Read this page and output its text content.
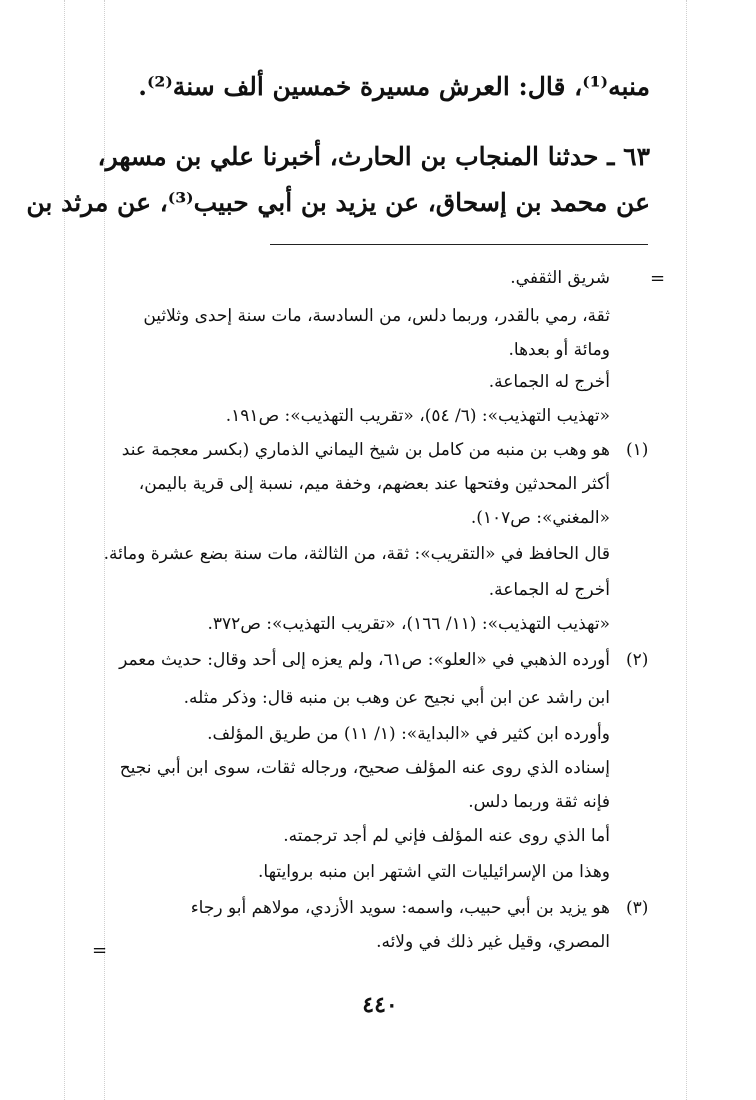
منبه⁽¹⁾، قال: العرش مسيرة خمسين ألف سنة⁽²⁾.
٦٣ ـ حدثنا المنجاب بن الحارث، أخبرنا علي بن مسهر،
عن محمد بن إسحاق، عن يزيد بن أبي حبيب⁽³⁾، عن مرثد بن
=
شريق الثقفي.
ثقة، رمي بالقدر، وربما دلس، من السادسة، مات سنة إحدى وثلاثين
ومائة أو بعدها.
أخرج له الجماعة.
«تهذيب التهذيب»: (٦/ ٥٤)، «تقريب التهذيب»: ص١٩١.
(١)
هو وهب بن منبه من كامل بن شيخ اليماني الذماري (بكسر معجمة عند
أكثر المحدثين وفتحها عند بعضهم، وخفة ميم، نسبة إلى قرية باليمن،
«المغني»: ص١٠٧).
قال الحافظ في «التقريب»: ثقة، من الثالثة، مات سنة بضع عشرة ومائة.
أخرج له الجماعة.
«تهذيب التهذيب»: (١١/ ١٦٦)، «تقريب التهذيب»: ص٣٧٢.
(٢)
أورده الذهبي في «العلو»: ص٦١، ولم يعزه إلى أحد وقال: حديث معمر
ابن راشد عن ابن أبي نجيح عن وهب بن منبه قال: وذكر مثله.
وأورده ابن كثير في «البداية»: (١/ ١١) من طريق المؤلف.
إسناده الذي روى عنه المؤلف صحيح، ورجاله ثقات، سوى ابن أبي نجيح
فإنه ثقة وربما دلس.
أما الذي روى عنه المؤلف فإني لم أجد ترجمته.
وهذا من الإسرائيليات التي اشتهر ابن منبه بروايتها.
(٣)
هو يزيد بن أبي حبيب، واسمه: سويد الأزدي، مولاهم أبو رجاء
المصري، وقيل غير ذلك في ولائه.
=
٤٤٠
